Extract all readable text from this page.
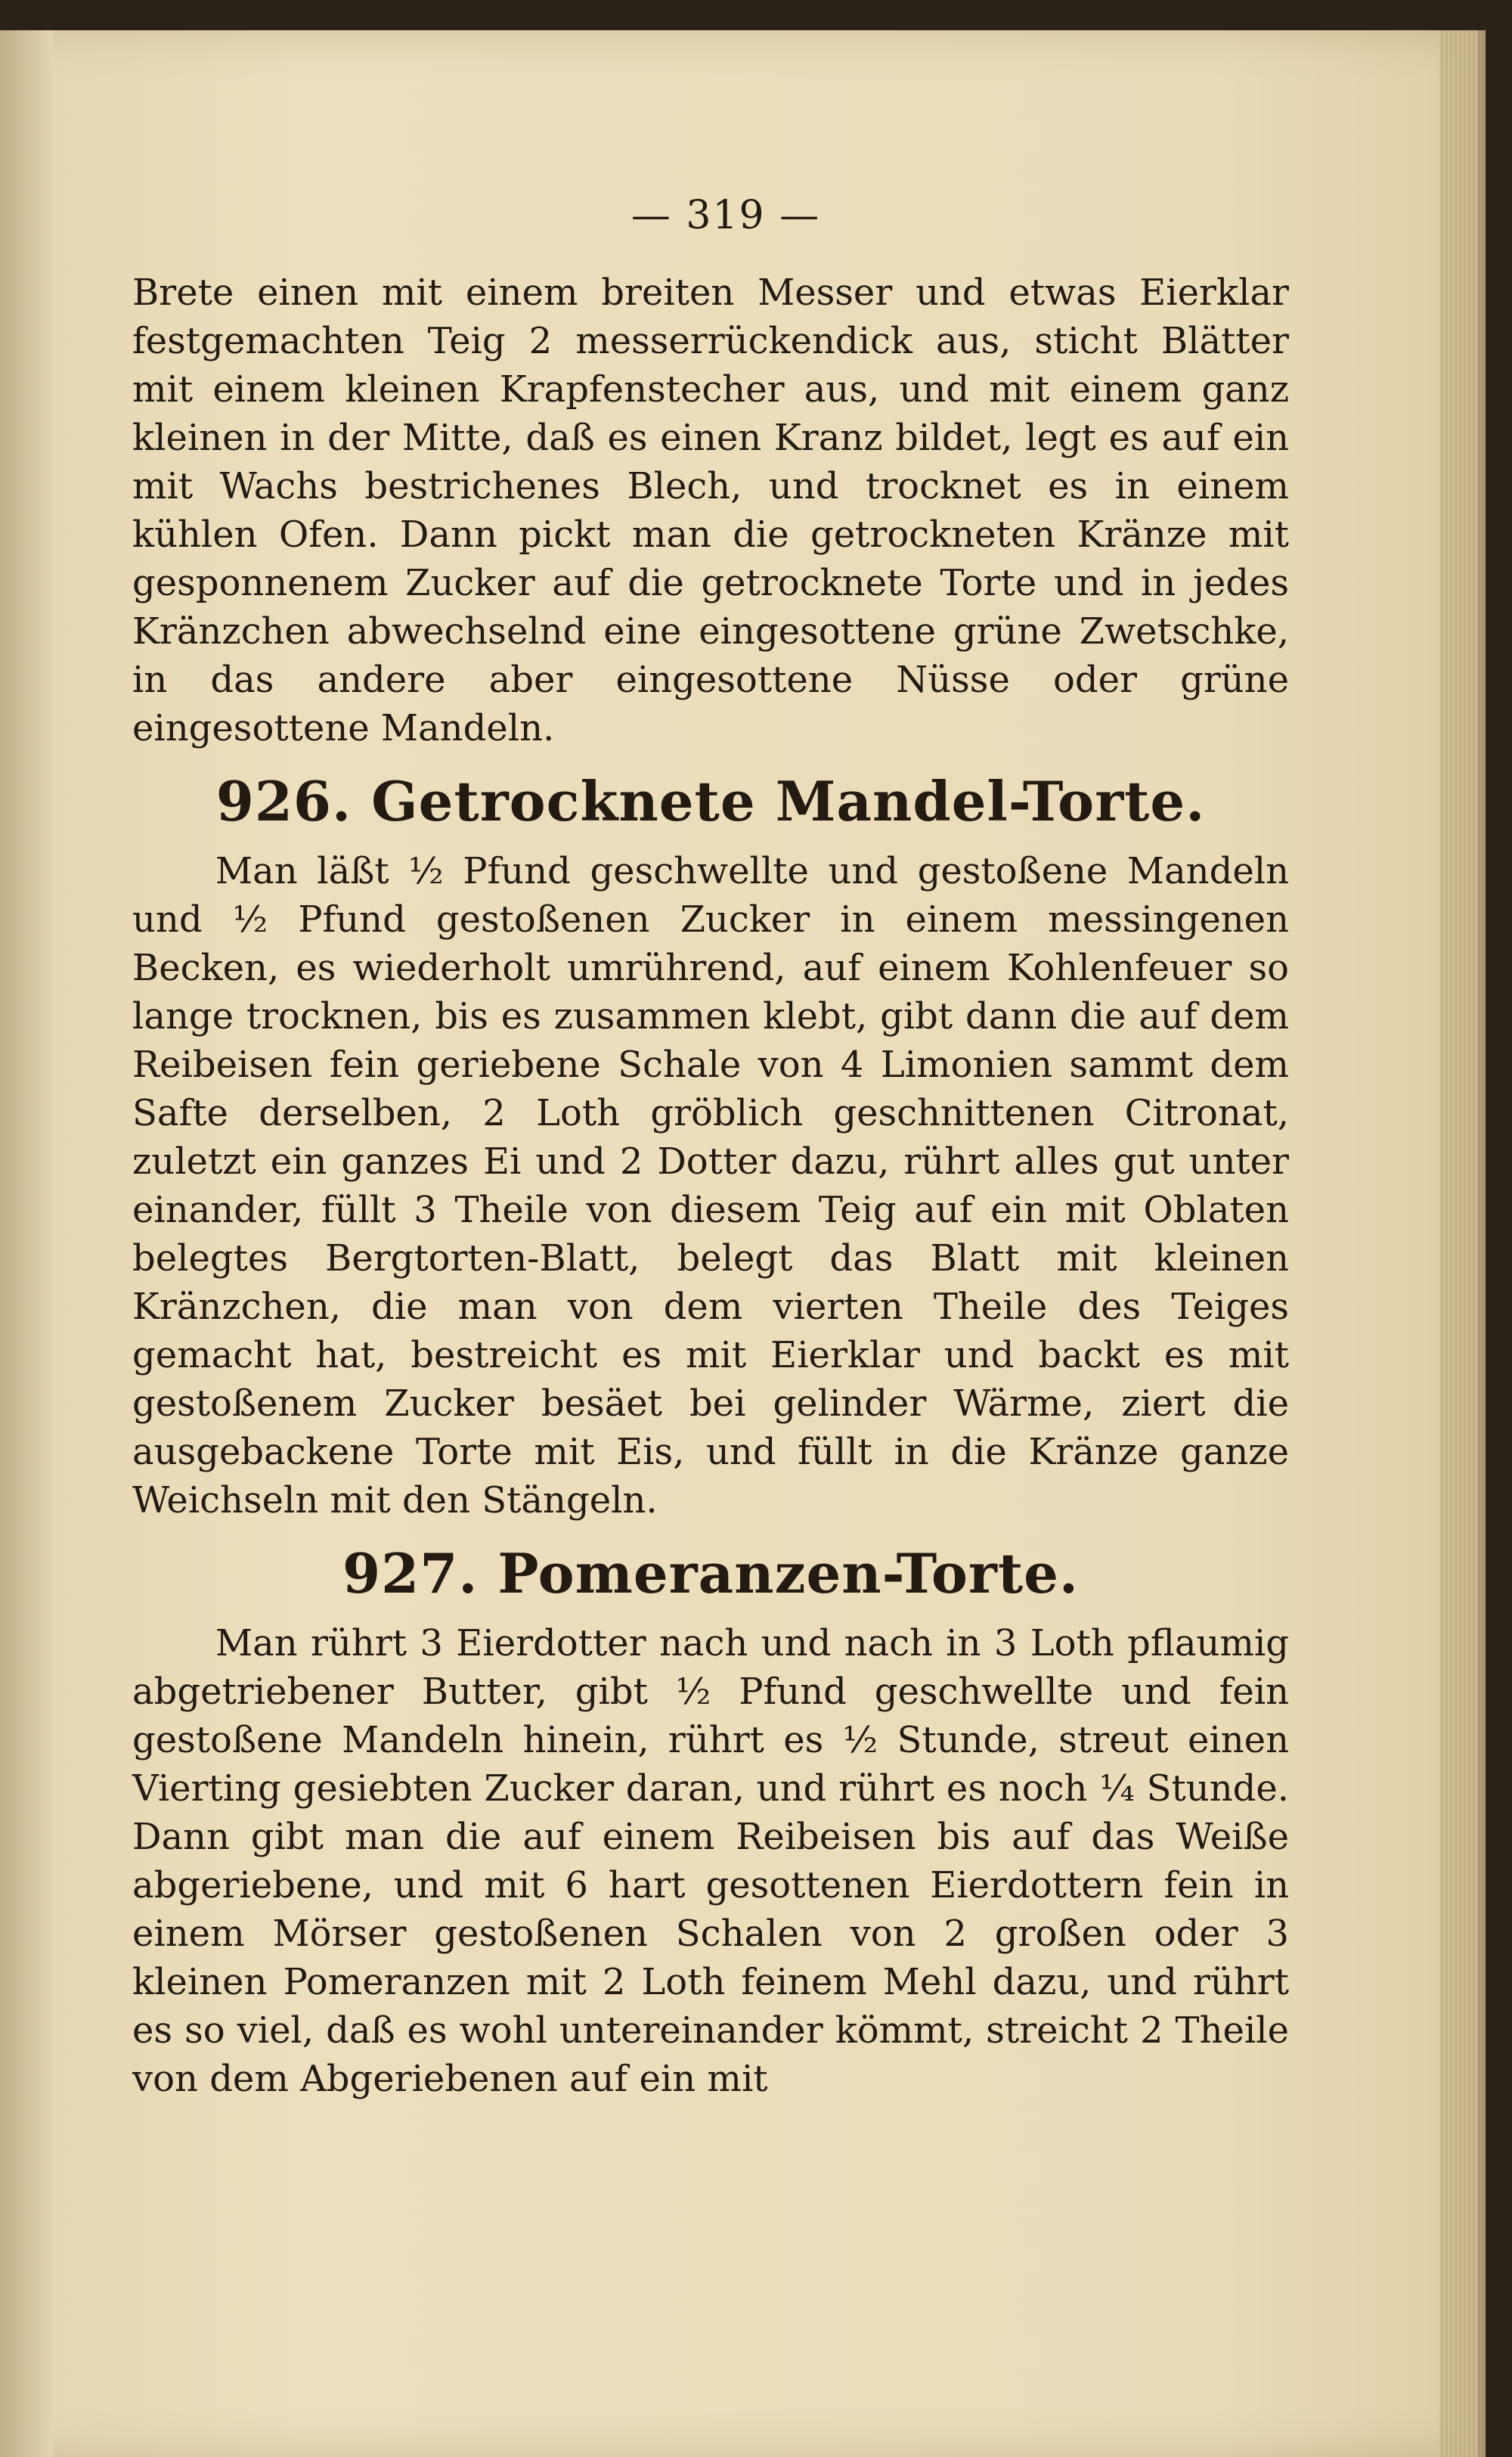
— 319 —

Brete einen mit einem breiten Messer und etwas Eierklar festgemachten Teig 2 messerrückendick aus, sticht Blätter mit einem kleinen Krapfenstecher aus, und mit einem ganz kleinen in der Mitte, daß es einen Kranz bildet, legt es auf ein mit Wachs bestrichenes Blech, und trocknet es in einem kühlen Ofen. Dann pickt man die getrockneten Kränze mit gesponnenem Zucker auf die getrocknete Torte und in jedes Kränzchen abwechselnd eine eingesottene grüne Zwetschke, in das andere aber eingesottene Nüsse oder grüne eingesottene Mandeln.

926. Getrocknete Mandel-Torte.

Man läßt ½ Pfund geschwellte und gestoßene Mandeln und ½ Pfund gestoßenen Zucker in einem messingenen Becken, es wiederholt umrührend, auf einem Kohlenfeuer so lange trocknen, bis es zusammen klebt, gibt dann die auf dem Reibeisen fein geriebene Schale von 4 Limonien sammt dem Safte derselben, 2 Loth gröblich geschnittenen Citronat, zuletzt ein ganzes Ei und 2 Dotter dazu, rührt alles gut unter einander, füllt 3 Theile von diesem Teig auf ein mit Oblaten belegtes Bergtorten-Blatt, belegt das Blatt mit kleinen Kränzchen, die man von dem vierten Theile des Teiges gemacht hat, bestreicht es mit Eierklar und backt es mit gestoßenem Zucker besäet bei gelinder Wärme, ziert die ausgebackene Torte mit Eis, und füllt in die Kränze ganze Weichseln mit den Stängeln.

927. Pomeranzen-Torte.

Man rührt 3 Eierdotter nach und nach in 3 Loth pflaumig abgetriebener Butter, gibt ½ Pfund geschwellte und fein gestoßene Mandeln hinein, rührt es ½ Stunde, streut einen Vierting gesiebten Zucker daran, und rührt es noch ¼ Stunde. Dann gibt man die auf einem Reibeisen bis auf das Weiße abgeriebene, und mit 6 hart gesottenen Eierdottern fein in einem Mörser gestoßenen Schalen von 2 großen oder 3 kleinen Pomeranzen mit 2 Loth feinem Mehl dazu, und rührt es so viel, daß es wohl untereinander kömmt, streicht 2 Theile von dem Abgeriebenen auf ein mit
